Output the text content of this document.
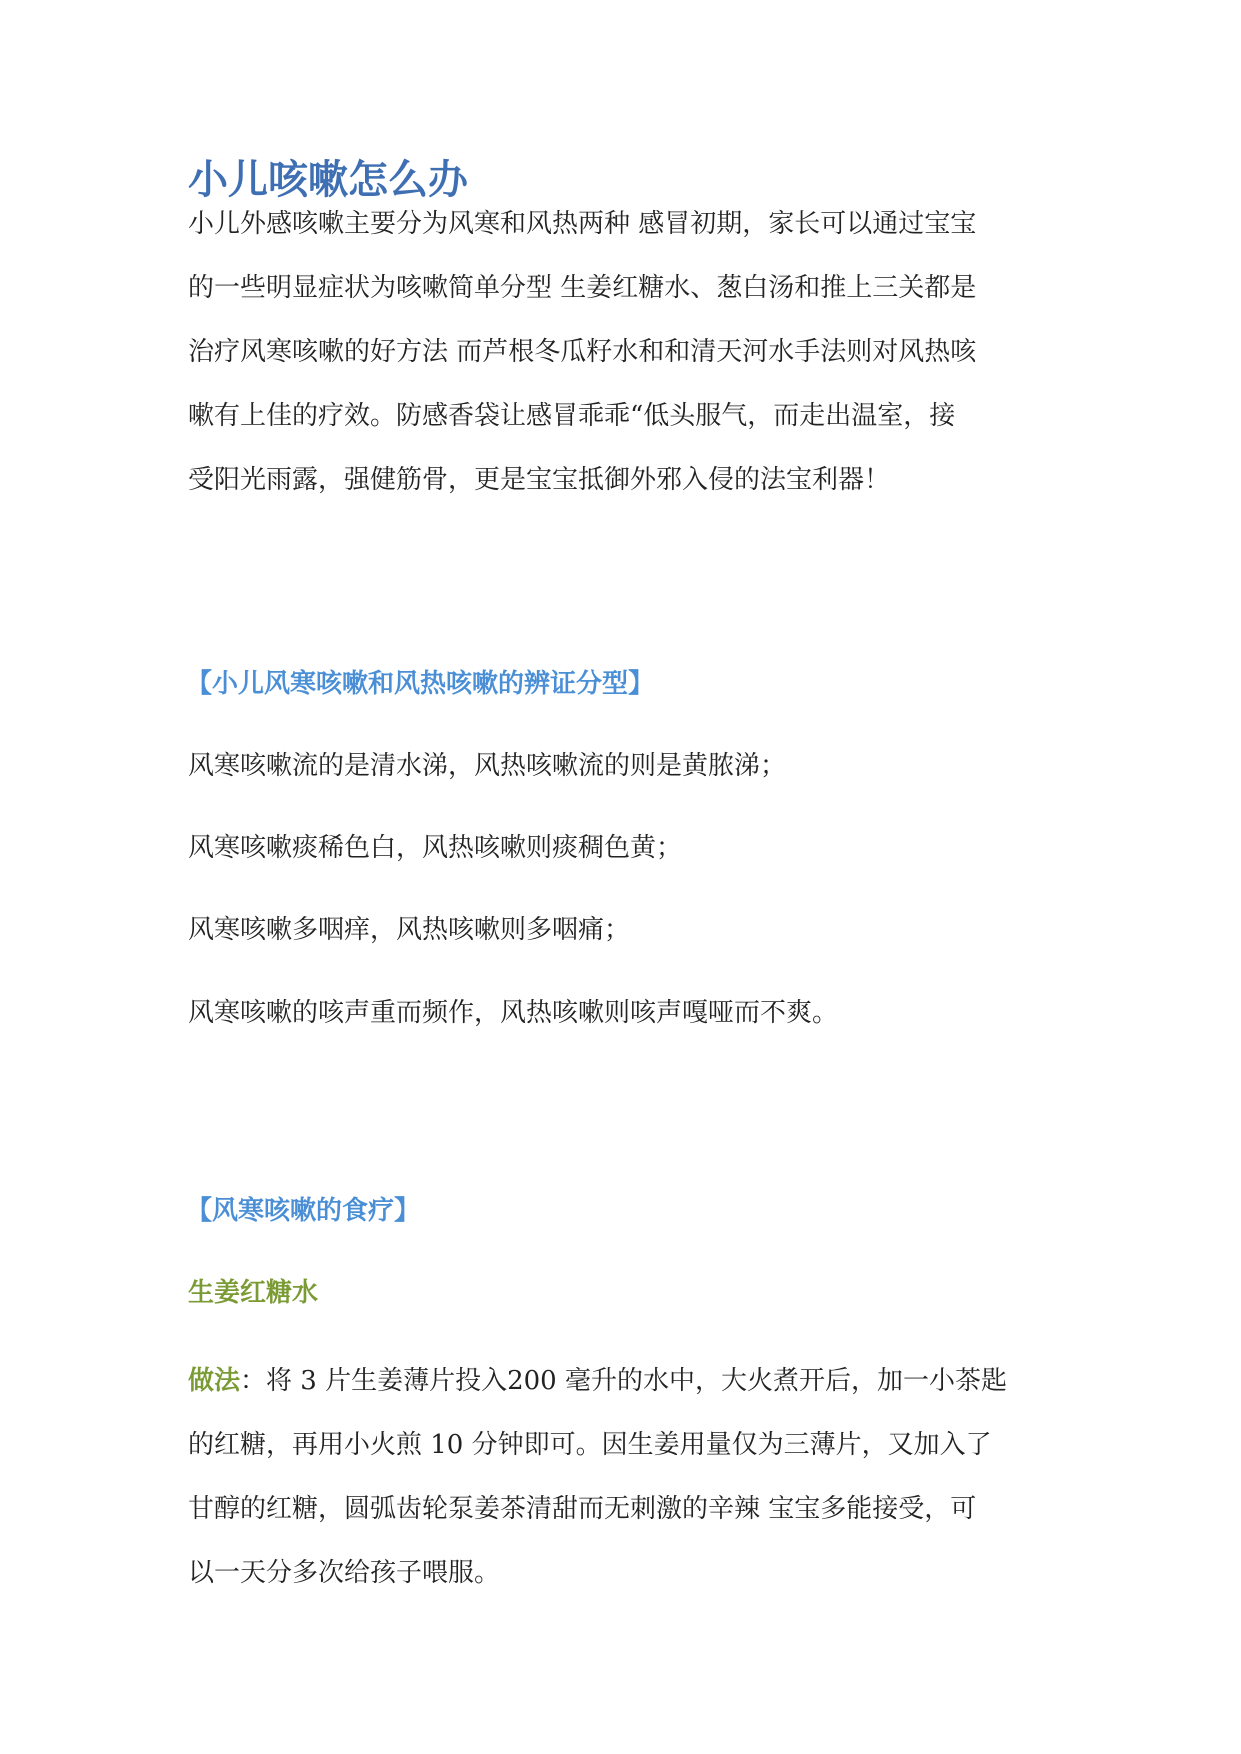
小儿咳嗽怎么办
小儿外感咳嗽主要分为风寒和风热两种 感冒初期，家长可以通过宝宝
的一些明显症状为咳嗽简单分型 生姜红糖水、葱白汤和推上三关都是
治疗风寒咳嗽的好方法 而芦根冬瓜籽水和和清天河水手法则对风热咳
嗽有上佳的疗效。防感香袋让感冒乖乖“低头服气，而走出温室，接
受阳光雨露，强健筋骨，更是宝宝抵御外邪入侵的法宝利器！
【小儿风寒咳嗽和风热咳嗽的辨证分型】

风寒咳嗽流的是清水涕，风热咳嗽流的则是黄脓涕；

风寒咳嗽痰稀色白，风热咳嗽则痰稠色黄；

风寒咳嗽多咽痒，风热咳嗽则多咽痛；

风寒咳嗽的咳声重而频作，风热咳嗽则咳声嘎哑而不爽。

【风寒咳嗽的食疗】
生姜红糖水
做法：将 3 片生姜薄片投入200 毫升的水中，大火煮开后，加一小茶匙
的红糖，再用小火煎 10 分钟即可。因生姜用量仅为三薄片，又加入了
甘醇的红糖，圆弧齿轮泵姜茶清甜而无刺激的辛辣 宝宝多能接受，可
以一天分多次给孩子喂服。
